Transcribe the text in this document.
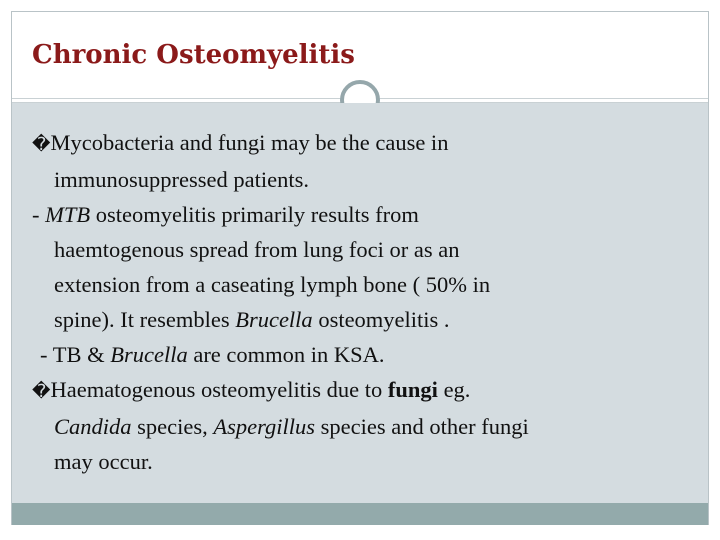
Chronic Osteomyelitis
�Mycobacteria and fungi may be the cause in
immunosuppressed patients.
- MTB osteomyelitis primarily results from
haemtogenous spread from lung foci or as an
extension from a caseating lymph bone ( 50% in
spine). It resembles Brucella osteomyelitis .
- TB & Brucella are common in KSA.
�Haematogenous osteomyelitis due to fungi eg.
Candida species, Aspergillus species and other fungi
may occur.
